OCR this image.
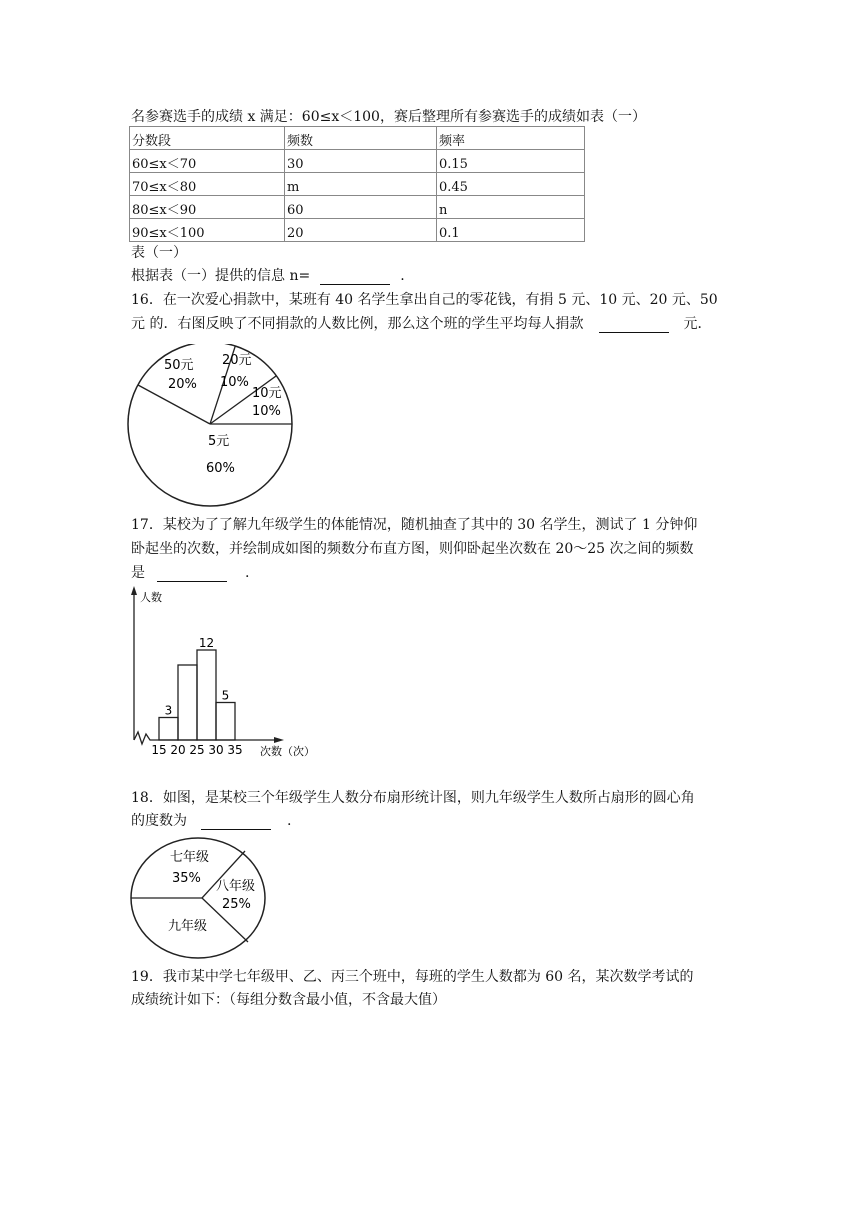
名参赛选手的成绩 x 满足：60≤x＜100，赛后整理所有参赛选手的成绩如表（一）
分数段	频数	频率
60≤x＜70	30	0.15
70≤x＜80	m	0.45
80≤x＜90	60	n
90≤x＜100	20	0.1
表（一）
根据表（一）提供的信息 n=	.
16．在一次爱心捐款中，某班有 40 名学生拿出自己的零花钱，有捐 5 元、10 元、20 元、50
元 的．右图反映了不同捐款的人数比例，那么这个班的学生平均每人捐款	元．
50元
20%
20元
10%
10元
10%
5元
60%
17．某校为了了解九年级学生的体能情况，随机抽查了其中的 30 名学生，测试了 1 分钟仰
卧起坐的次数，并绘制成如图的频数分布直方图，则仰卧起坐次数在 20～25 次之间的频数
是	.
人数
次数（次）
3
12
5
15 20 25 30 35
18．如图，是某校三个年级学生人数分布扇形统计图，则九年级学生人数所占扇形的圆心角
的度数为	.
七年级
35%
八年级
25%
九年级
19．我市某中学七年级甲、乙、丙三个班中，每班的学生人数都为 60 名，某次数学考试的
成绩统计如下：（每组分数含最小值，不含最大值）
